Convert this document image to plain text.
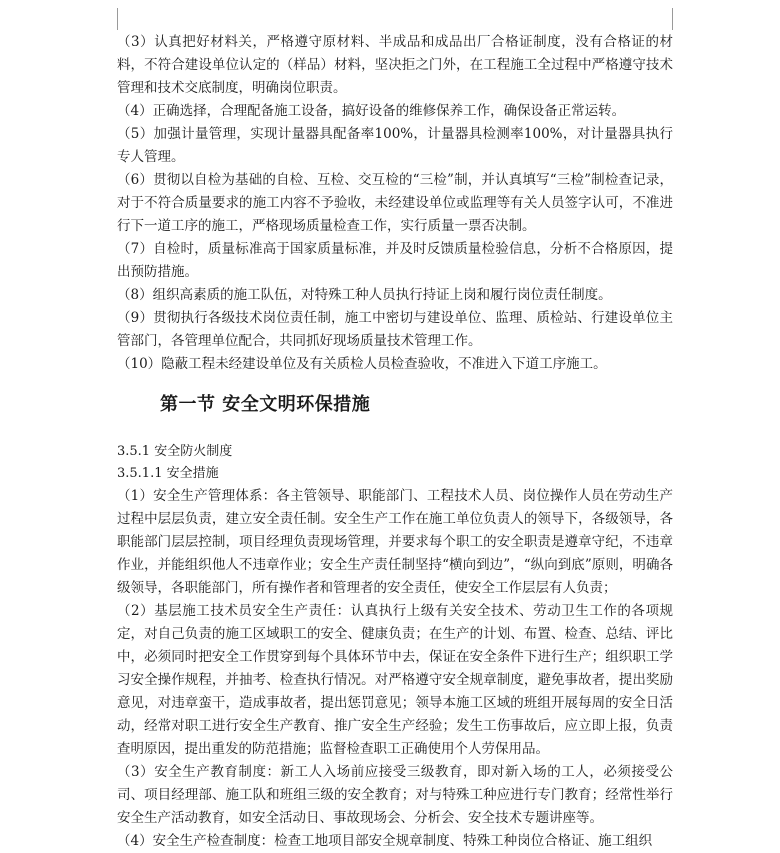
（3）认真把好材料关，严格遵守原材料、半成品和成品出厂合格证制度，没有合格证的材料，不符合建设单位认定的（样品）材料，坚决拒之门外，在工程施工全过程中严格遵守技术管理和技术交底制度，明确岗位职责。

（4）正确选择，合理配备施工设备，搞好设备的维修保养工作，确保设备正常运转。

（5）加强计量管理，实现计量器具配备率100%，计量器具检测率100%，对计量器具执行专人管理。

（6）贯彻以自检为基础的自检、互检、交互检的“三检”制，并认真填写“三检”制检查记录，对于不符合质量要求的施工内容不予验收，未经建设单位或监理等有关人员签字认可，不准进行下一道工序的施工，严格现场质量检查工作，实行质量一票否决制。

（7）自检时，质量标准高于国家质量标准，并及时反馈质量检验信息，分析不合格原因，提出预防措施。

（8）组织高素质的施工队伍，对特殊工种人员执行持证上岗和履行岗位责任制度。

（9）贯彻执行各级技术岗位责任制，施工中密切与建设单位、监理、质检站、行建设单位主管部门，各管理单位配合，共同抓好现场质量技术管理工作。

（10）隐蔽工程未经建设单位及有关质检人员检查验收，不准进入下道工序施工。

第一节 安全文明环保措施

3.5.1 安全防火制度

3.5.1.1 安全措施

（1）安全生产管理体系：各主管领导、职能部门、工程技术人员、岗位操作人员在劳动生产过程中层层负责，建立安全责任制。安全生产工作在施工单位负责人的领导下，各级领导，各职能部门层层控制，项目经理负责现场管理，并要求每个职工的安全职责是遵章守纪，不违章作业，并能组织他人不违章作业；安全生产责任制坚持“横向到边”，“纵向到底”原则，明确各级领导，各职能部门，所有操作者和管理者的安全责任，使安全工作层层有人负责；

（2）基层施工技术员安全生产责任：认真执行上级有关安全技术、劳动卫生工作的各项规定，对自己负责的施工区域职工的安全、健康负责；在生产的计划、布置、检查、总结、评比中，必须同时把安全工作贯穿到每个具体环节中去，保证在安全条件下进行生产；组织职工学习安全操作规程，并抽考、检查执行情况。对严格遵守安全规章制度，避免事故者，提出奖励意见，对违章蛮干，造成事故者，提出惩罚意见；领导本施工区域的班组开展每周的安全日活动，经常对职工进行安全生产教育、推广安全生产经验；发生工伤事故后，应立即上报，负责查明原因，提出重发的防范措施；监督检查职工正确使用个人劳保用品。

（3）安全生产教育制度：新工人入场前应接受三级教育，即对新入场的工人，必须接受公司、项目经理部、施工队和班组三级的安全教育；对与特殊工种应进行专门教育；经常性举行安全生产活动教育，如安全活动日、事故现场会、分析会、安全技术专题讲座等。

（4）安全生产检查制度：检查工地项目部安全规章制度、特殊工种岗位合格证、施工组织
